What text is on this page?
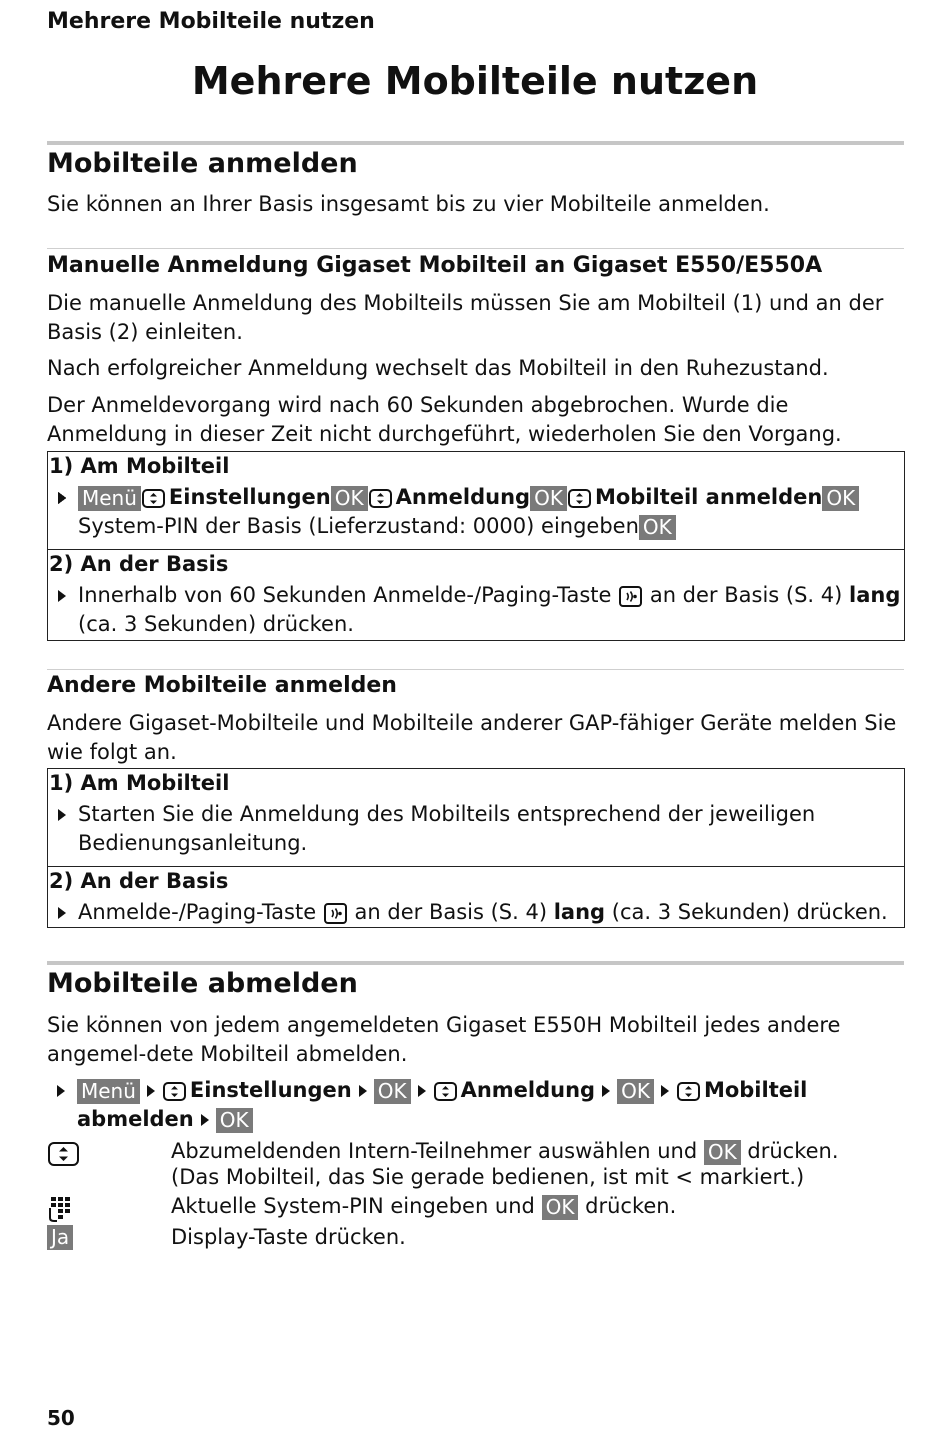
Mehrere Mobilteile nutzen
Mehrere Mobilteile nutzen
Mobilteile anmelden
Sie können an Ihrer Basis insgesamt bis zu vier Mobilteile anmelden.
Manuelle Anmeldung Gigaset Mobilteil an Gigaset E550/E550A
Die manuelle Anmeldung des Mobilteils müssen Sie am Mobilteil (1) und an der Basis (2) einleiten.
Nach erfolgreicher Anmeldung wechselt das Mobilteil in den Ruhezustand.
Der Anmeldevorgang wird nach 60 Sekunden abgebrochen. Wurde die Anmeldung in dieser Zeit nicht durchgeführt, wiederholen Sie den Vorgang.
1) Am Mobilteil
Menü Einstellungen OK Anmeldung OK Mobilteil anmelden OK
System-PIN der Basis (Lieferzustand: 0000) eingeben OK
2) An der Basis
Innerhalb von 60 Sekunden Anmelde-/Paging-Taste an der Basis (S. 4) lang (ca. 3 Sekunden) drücken.
Andere Mobilteile anmelden
Andere Gigaset-Mobilteile und Mobilteile anderer GAP-fähiger Geräte melden Sie wie folgt an.
1) Am Mobilteil
Starten Sie die Anmeldung des Mobilteils entsprechend der jeweiligen Bedienungsanleitung.
2) An der Basis
Anmelde-/Paging-Taste an der Basis (S. 4) lang (ca. 3 Sekunden) drücken.
Mobilteile abmelden
Sie können von jedem angemeldeten Gigaset E550H Mobilteil jedes andere angemel-dete Mobilteil abmelden.
Menü	Einstellungen OK	Anmeldung OK	Mobilteil abmelden OK
Abzumeldenden Intern-Teilnehmer auswählen und OK drücken.
(Das Mobilteil, das Sie gerade bedienen, ist mit < markiert.)
Aktuelle System-PIN eingeben und OK drücken.
Ja	Display-Taste drücken.
50
